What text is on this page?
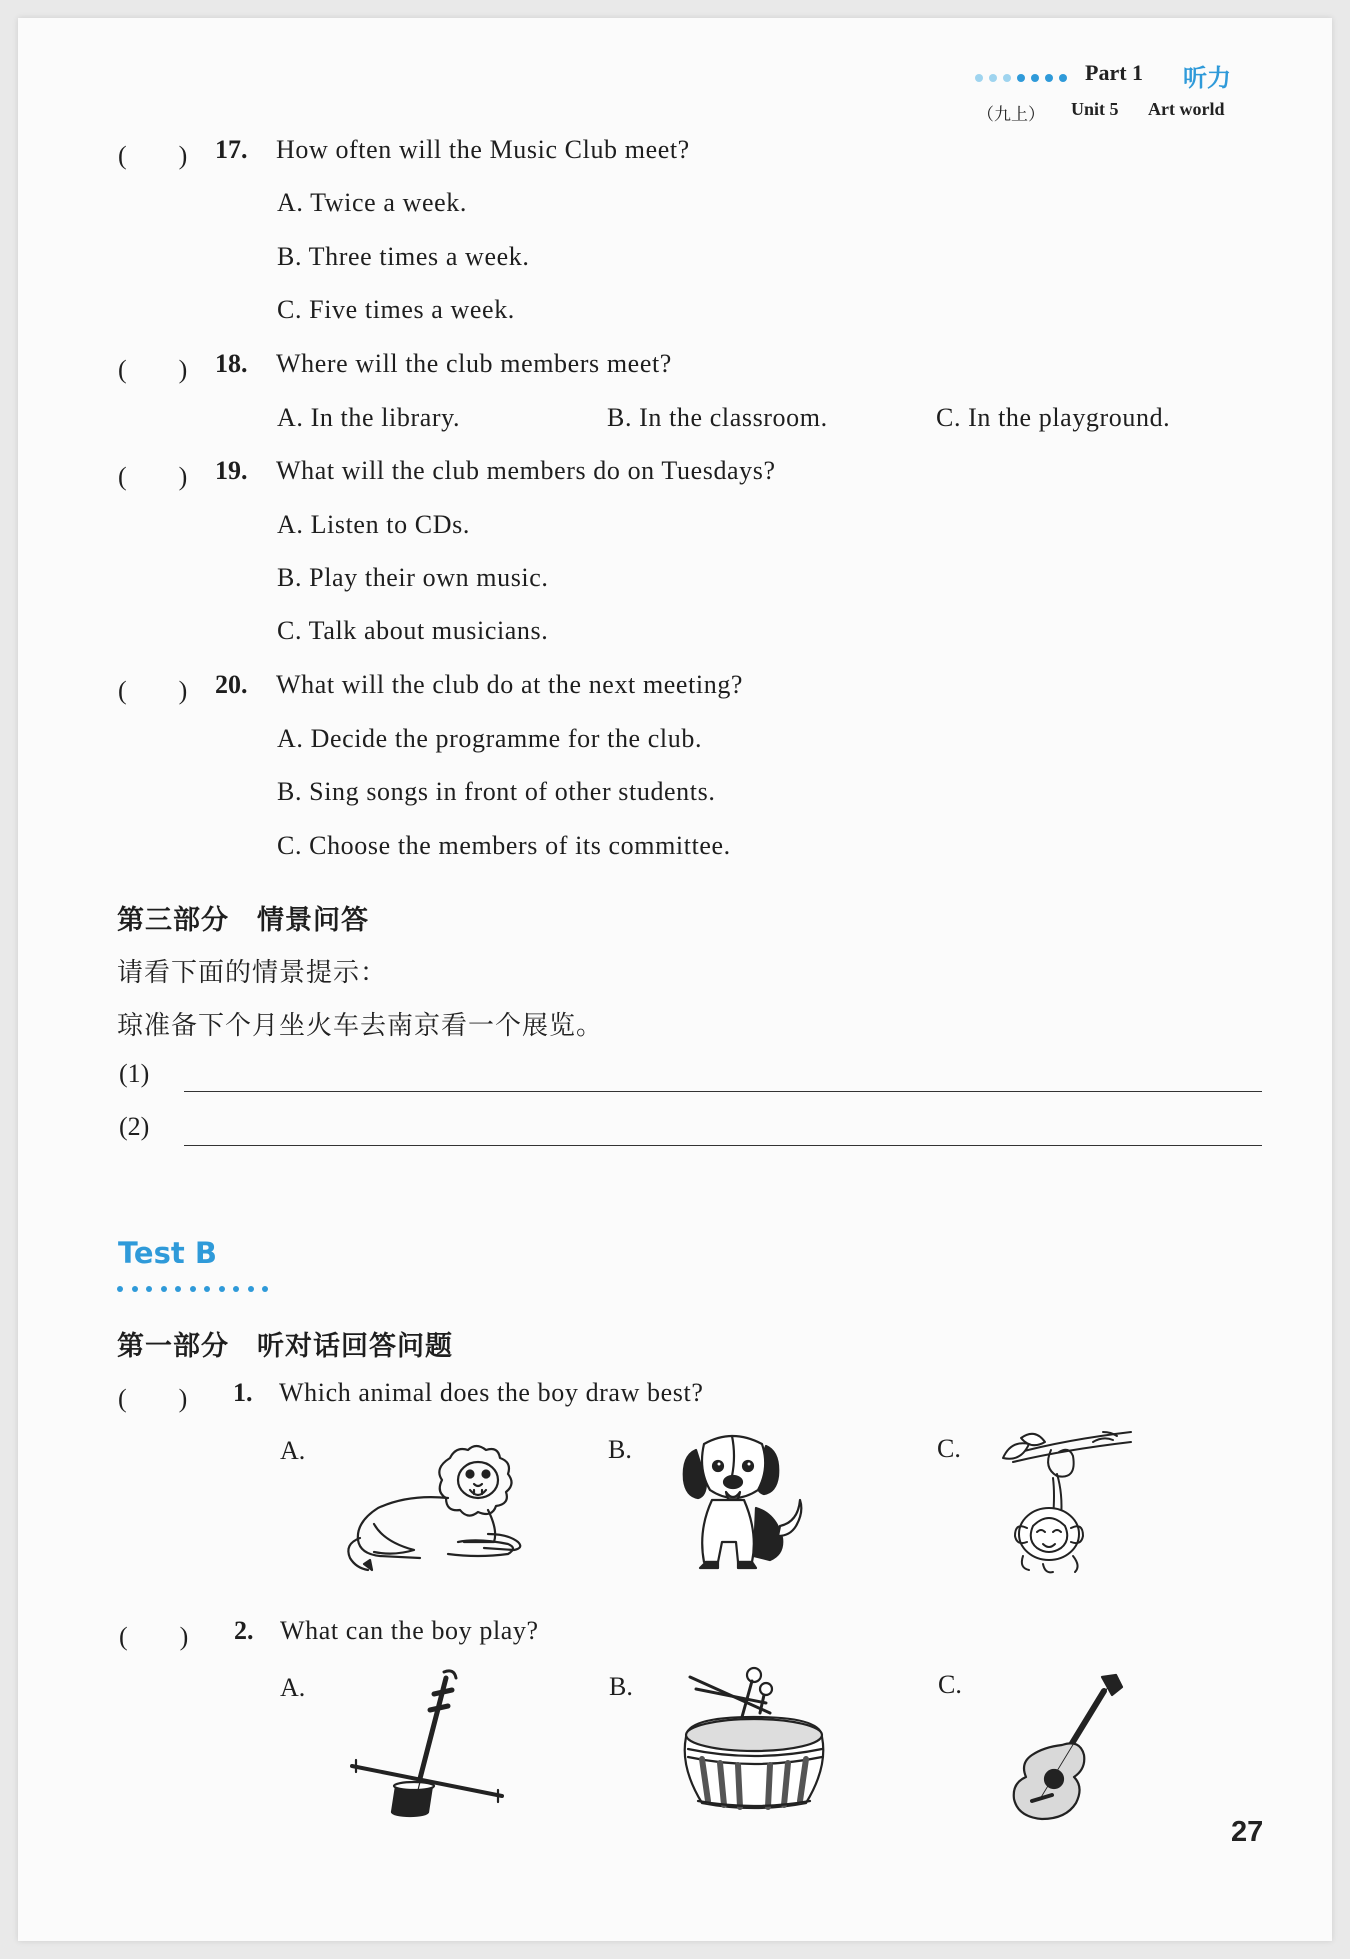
Part 1 听力
（九上） Unit 5 Art world
(　　) 17. How often will the Music Club meet?
A. Twice a week.
B. Three times a week.
C. Five times a week.
(　　) 18. Where will the club members meet?
A. In the library.	B. In the classroom.	C. In the playground.
(　　) 19. What will the club members do on Tuesdays?
A. Listen to CDs.
B. Play their own music.
C. Talk about musicians.
(　　) 20. What will the club do at the next meeting?
A. Decide the programme for the club.
B. Sing songs in front of other students.
C. Choose the members of its committee.
第三部分　情景问答
请看下面的情景提示：
琼准备下个月坐火车去南京看一个展览。
(1)
(2)
Test B
第一部分　听对话回答问题
(　　) 1. Which animal does the boy draw best?
A.	B.	C.
(　　) 2. What can the boy play?
A.	B.	C.
27
